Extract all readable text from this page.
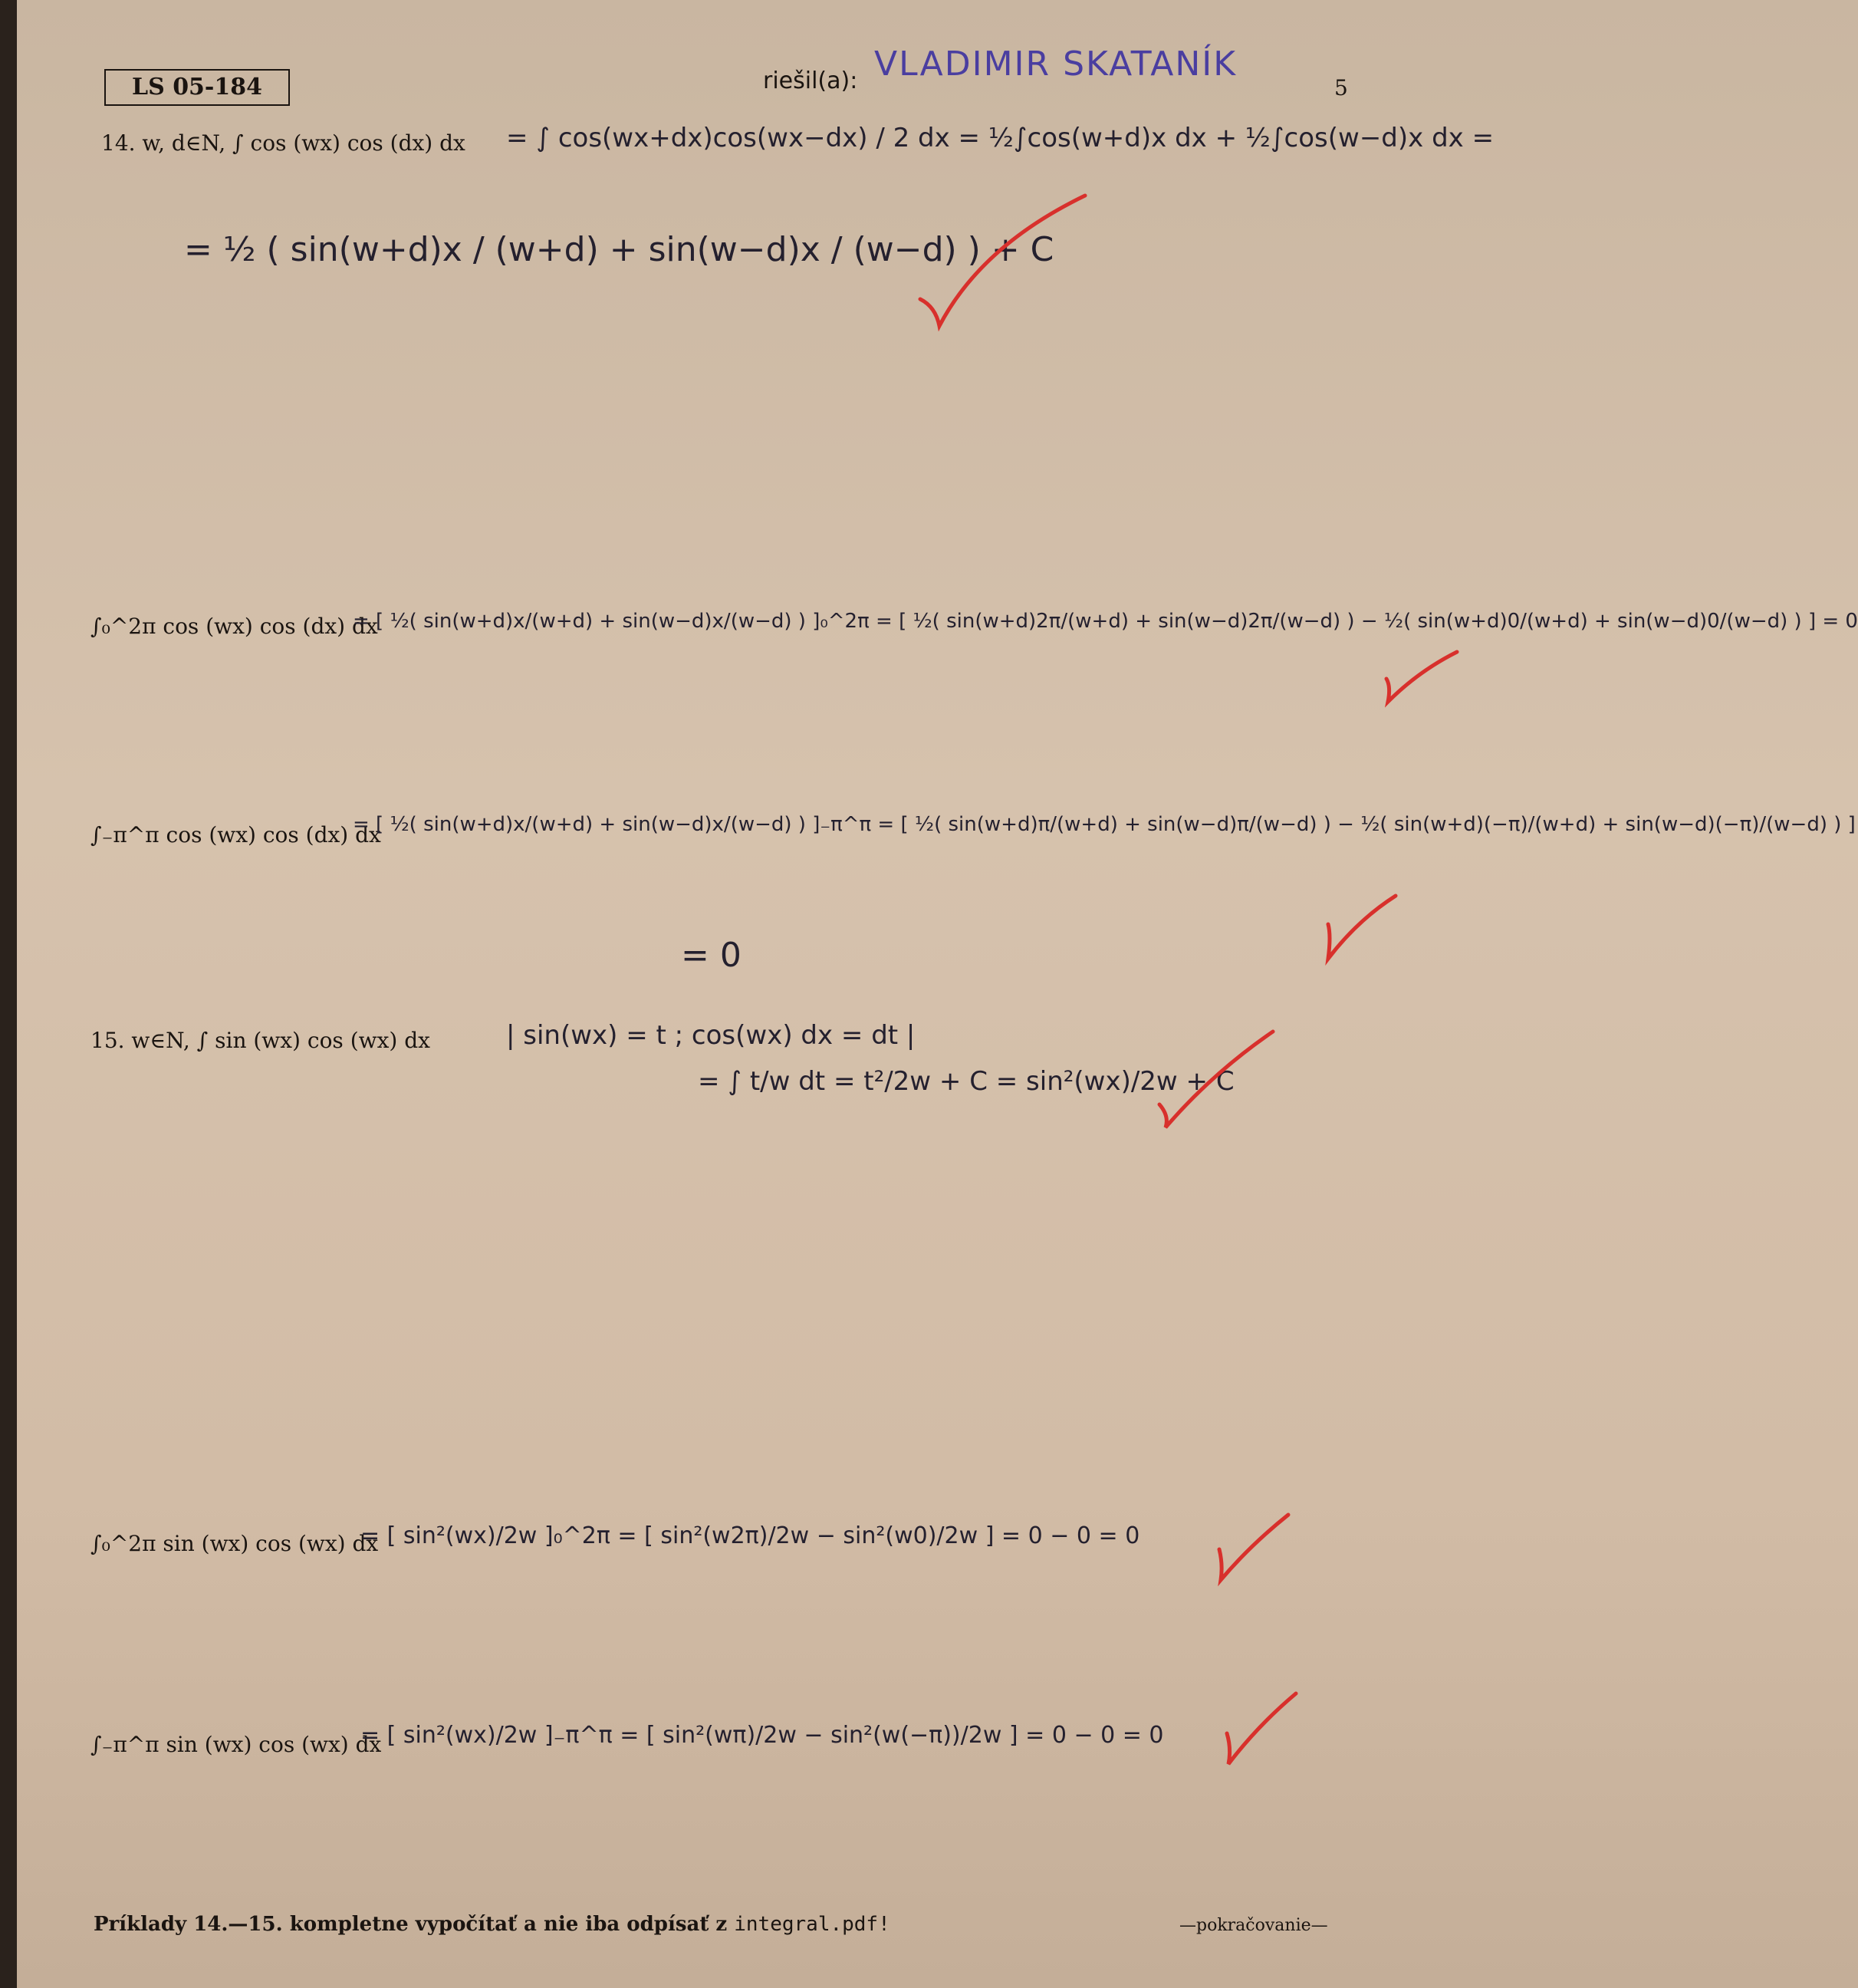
LS 05-184	riešil(a): VLADIMIR SKATANÍK
5
14. w, d∈N, ∫ cos (wx) cos (dx) dx = ∫ cos(wx+dx)cos(wx−dx) / 2 dx = ½∫cos(w+d)x dx + ½∫cos(w−d)x dx =
= ½ ( sin(w+d)x / (w+d) + sin(w−d)x / (w−d) ) + C
∫₀^2π cos (wx) cos (dx) dx
= [ ½( sin(w+d)x/(w+d) + sin(w−d)x/(w−d) ) ]₀^2π = [ ½( sin(w+d)2π/(w+d) + sin(w−d)2π/(w−d) ) − ½( sin(w+d)0/(w+d) + sin(w−d)0/(w−d) ) ] = 0
∫₋π^π cos (wx) cos (dx) dx
= [ ½( sin(w+d)x/(w+d) + sin(w−d)x/(w−d) ) ]₋π^π = [ ½( sin(w+d)π/(w+d) + sin(w−d)π/(w−d) ) − ½( sin(w+d)(−π)/(w+d) + sin(w−d)(−π)/(w−d) ) ]
= 0
15. w∈N, ∫ sin (wx) cos (wx) dx	| sin(wx) = t ; cos(wx) dx = dt |
= ∫ t/w dt = t²/2w + C = sin²(wx)/2w + C
∫₀^2π sin (wx) cos (wx) dx
= [ sin²(wx)/2w ]₀^2π = [ sin²(w2π)/2w − sin²(w0)/2w ] = 0 − 0 = 0
∫₋π^π sin (wx) cos (wx) dx
= [ sin²(wx)/2w ]₋π^π = [ sin²(wπ)/2w − sin²(w(−π))/2w ] = 0 − 0 = 0
Príklady 14.—15. kompletne vypočítať a nie iba odpísať z integral.pdf!	—pokračovanie—
